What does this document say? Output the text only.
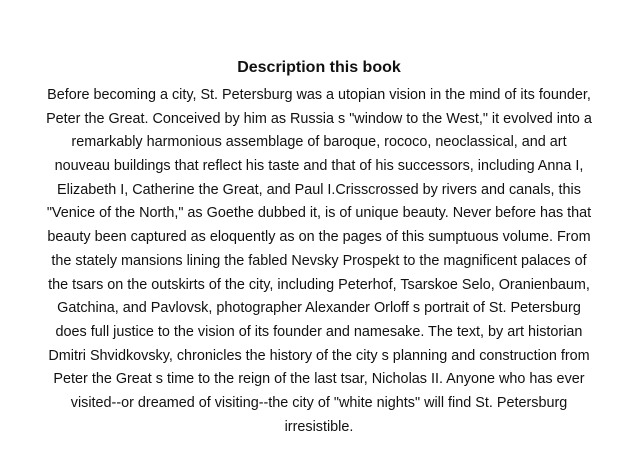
Description this book
Before becoming a city, St. Petersburg was a utopian vision in the mind of its founder,
Peter the Great. Conceived by him as Russia s "window to the West," it evolved into a
remarkably harmonious assemblage of baroque, rococo, neoclassical, and art
nouveau buildings that reflect his taste and that of his successors, including Anna I,
Elizabeth I, Catherine the Great, and Paul I.Crisscrossed by rivers and canals, this
"Venice of the North," as Goethe dubbed it, is of unique beauty. Never before has that
beauty been captured as eloquently as on the pages of this sumptuous volume. From
the stately mansions lining the fabled Nevsky Prospekt to the magnificent palaces of
the tsars on the outskirts of the city, including Peterhof, Tsarskoe Selo, Oranienbaum,
Gatchina, and Pavlovsk, photographer Alexander Orloff s portrait of St. Petersburg
does full justice to the vision of its founder and namesake. The text, by art historian
Dmitri Shvidkovsky, chronicles the history of the city s planning and construction from
Peter the Great s time to the reign of the last tsar, Nicholas II. Anyone who has ever
visited--or dreamed of visiting--the city of "white nights" will find St. Petersburg
irresistible.
